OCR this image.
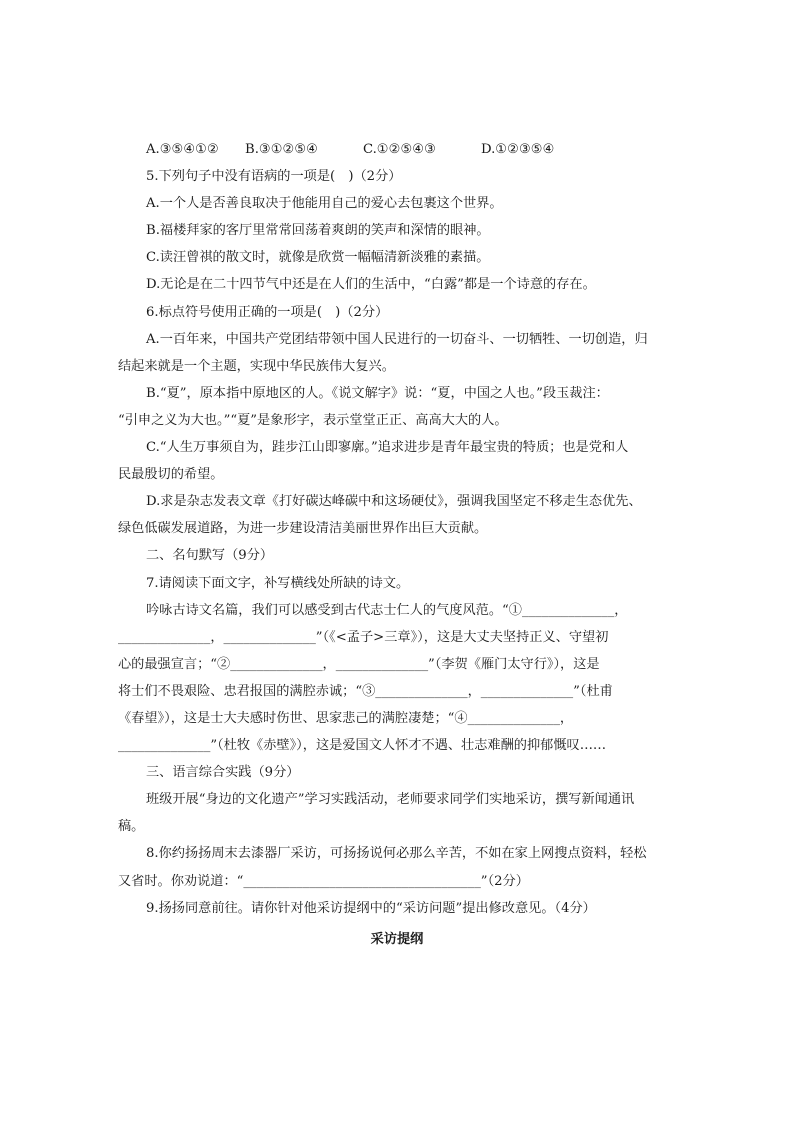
A.③⑤④①② B.③①②⑤④	C.①②⑤④③	D.①②③⑤④
5.下列句子中没有语病的一项是(　)（2分）
A.一个人是否善良取决于他能用自己的爱心去包裹这个世界。
B.福楼拜家的客厅里常常回荡着爽朗的笑声和深情的眼神。
C.读汪曾祺的散文时，就像是欣赏一幅幅清新淡雅的素描。
D.无论是在二十四节气中还是在人们的生活中，“白露”都是一个诗意的存在。
6.标点符号使用正确的一项是(　)（2分）
A.一百年来，中国共产党团结带领中国人民进行的一切奋斗、一切牺牲、一切创造，归
结起来就是一个主题，实现中华民族伟大复兴。
B.“夏”，原本指中原地区的人。《说文解字》说：“夏，中国之人也。”段玉裁注：
“引申之义为大也。”“夏”是象形字，表示堂堂正正、高高大大的人。
C.“人生万事须自为，跬步江山即寥廓。”追求进步是青年最宝贵的特质；也是党和人
民最殷切的希望。
D.求是杂志发表文章《打好碳达峰碳中和这场硬仗》，强调我国坚定不移走生态优先、
绿色低碳发展道路，为进一步建设清洁美丽世界作出巨大贡献。
二、名句默写（9分）
7.请阅读下面文字，补写横线处所缺的诗文。
吟咏古诗文名篇，我们可以感受到古代志士仁人的气度风范。“①______________，
______________，______________”（《<孟子>三章》），这是大丈夫坚持正义、守望初
心的最强宣言；“②______________，______________”（李贺《雁门太守行》），这是
将士们不畏艰险、忠君报国的满腔赤诚；“③______________，______________”（杜甫
《春望》），这是士大夫感时伤世、思家悲己的满腔凄楚；“④______________，
______________”（杜牧《赤壁》），这是爱国文人怀才不遇、壮志难酬的抑郁慨叹……
三、语言综合实践（9分）
班级开展“身边的文化遗产”学习实践活动，老师要求同学们实地采访，撰写新闻通讯
稿。
8.你约扬扬周末去漆器厂采访，可扬扬说何必那么辛苦，不如在家上网搜点资料，轻松
又省时。你劝说道：“____________________________________”（2分）
9.扬扬同意前往。请你针对他采访提纲中的“采访问题”提出修改意见。（4分）
采访提纲
